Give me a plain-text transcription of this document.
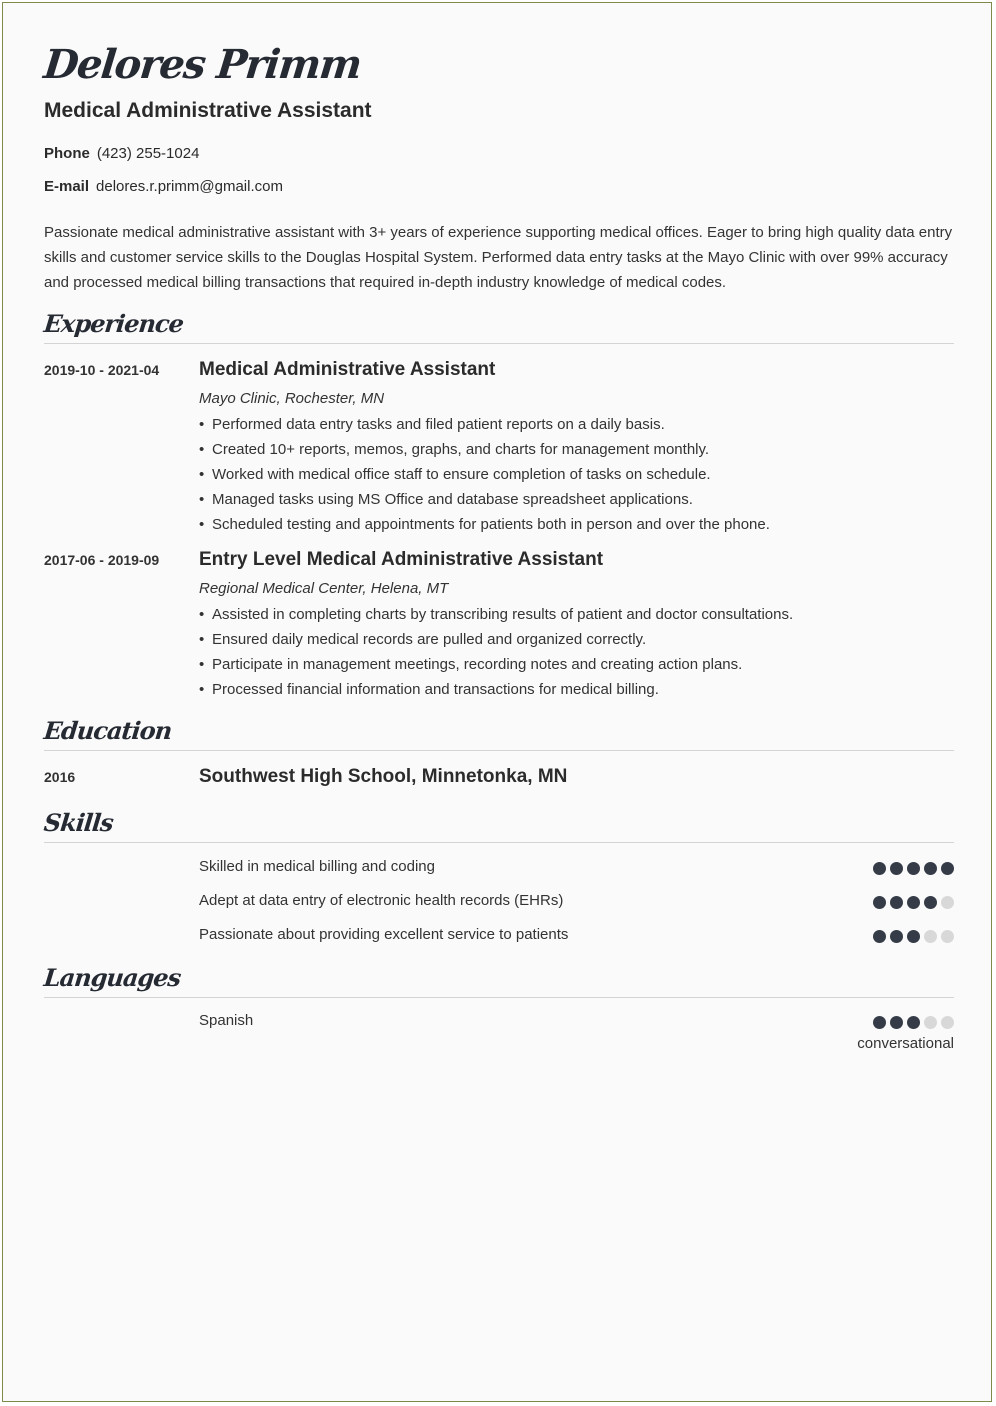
Delores Primm
Medical Administrative Assistant
Phone (423) 255-1024
E-mail delores.r.primm@gmail.com
Passionate medical administrative assistant with 3+ years of experience supporting medical offices. Eager to bring high quality data entry skills and customer service skills to the Douglas Hospital System. Performed data entry tasks at the Mayo Clinic with over 99% accuracy and processed medical billing transactions that required in-depth industry knowledge of medical codes.
Experience
2019-10 - 2021-04 Medical Administrative Assistant
Mayo Clinic, Rochester, MN
• Performed data entry tasks and filed patient reports on a daily basis.
• Created 10+ reports, memos, graphs, and charts for management monthly.
• Worked with medical office staff to ensure completion of tasks on schedule.
• Managed tasks using MS Office and database spreadsheet applications.
• Scheduled testing and appointments for patients both in person and over the phone.
2017-06 - 2019-09 Entry Level Medical Administrative Assistant
Regional Medical Center, Helena, MT
• Assisted in completing charts by transcribing results of patient and doctor consultations.
• Ensured daily medical records are pulled and organized correctly.
• Participate in management meetings, recording notes and creating action plans.
• Processed financial information and transactions for medical billing.
Education
2016	Southwest High School, Minnetonka, MN
Skills
Skilled in medical billing and coding
Adept at data entry of electronic health records (EHRs)
Passionate about providing excellent service to patients
Languages
Spanish
conversational
